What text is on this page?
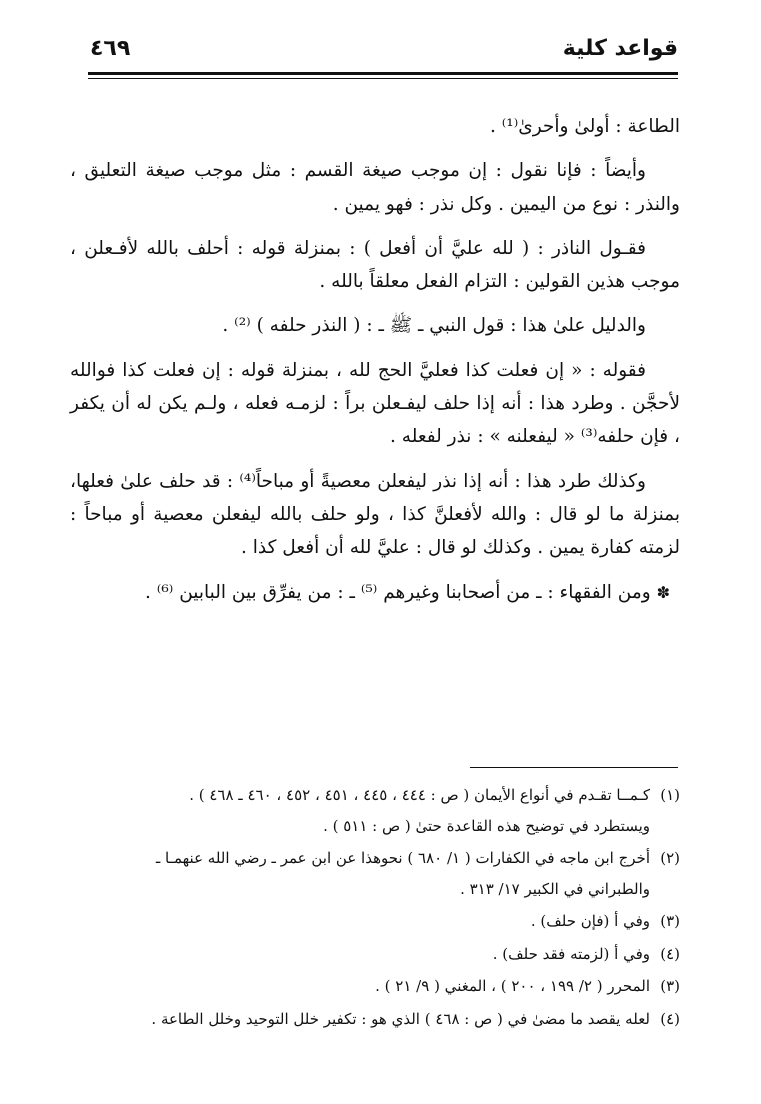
قواعد كلية
٤٦٩

الطاعة : أولىٰ وأحرىٰ⁽¹⁾ .

وأيضاً : فإنا نقول : إن موجب صيغة القسم : مثل موجب صيغة التعليق ، والنذر : نوع من اليمين . وكل نذر : فهو يمين .

فقـول الناذر : ( لله عليَّ أن أفعل ) : بمنزلة قوله : أحلف بالله لأفـعلن ، موجب هذين القولين : التزام الفعل معلقاً بالله .

والدليل علىٰ هذا : قول النبي ـ ﷺ ـ : ( النذر حلفه ) ⁽²⁾ .

فقوله : « إن فعلت كذا فعليَّ الحج لله ، بمنزلة قوله : إن فعلت كذا فوالله لأحجَّن . وطرد هذا : أنه إذا حلف ليفـعلن براً : لزمـه فعله ، ولـم يكن له أن يكفر ، فإن حلفه⁽³⁾ « ليفعلنه » : نذر لفعله .

وكذلك طرد هذا : أنه إذا نذر ليفعلن معصيةً أو مباحاً⁽⁴⁾ : قد حلف علىٰ فعلها، بمنزلة ما لو قال : والله لأفعلنَّ كذا ، ولو حلف بالله ليفعلن معصية أو مباحاً : لزمته كفارة يمين . وكذلك لو قال : عليَّ لله أن أفعل كذا .

✽ ومن الفقهاء : ـ من أصحابنا وغيرهم ⁽⁵⁾ ـ : من يفرِّق بين البابين ⁽⁶⁾ .

(١)كـمــا تقـدم في أنواع الأيمان ( ص : ٤٤٤ ، ٤٤٥ ، ٤٥١ ، ٤٥٢ ، ٤٦٠ ـ ٤٦٨ ) .
ويستطرد في توضيح هذه القاعدة حتىٰ ( ص : ٥١١ ) .
(٢)أخرج ابن ماجه في الكفارات ( ١/ ٦٨٠ ) نحوهذا عن ابن عمر ـ رضي الله عنهمـا ـ
والطبراني في الكبير ١٧/ ٣١٣ .
(٣)وفي أ (فإن حلف) .
(٤)وفي أ (لزمته فقد حلف) .
(٣)المحرر ( ٢/ ١٩٩ ، ٢٠٠ ) ، المغني ( ٩/ ٢١ ) .
(٤)لعله يقصد ما مضىٰ في ( ص : ٤٦٨ ) الذي هو : تكفير خلل التوحيد وخلل الطاعة .
